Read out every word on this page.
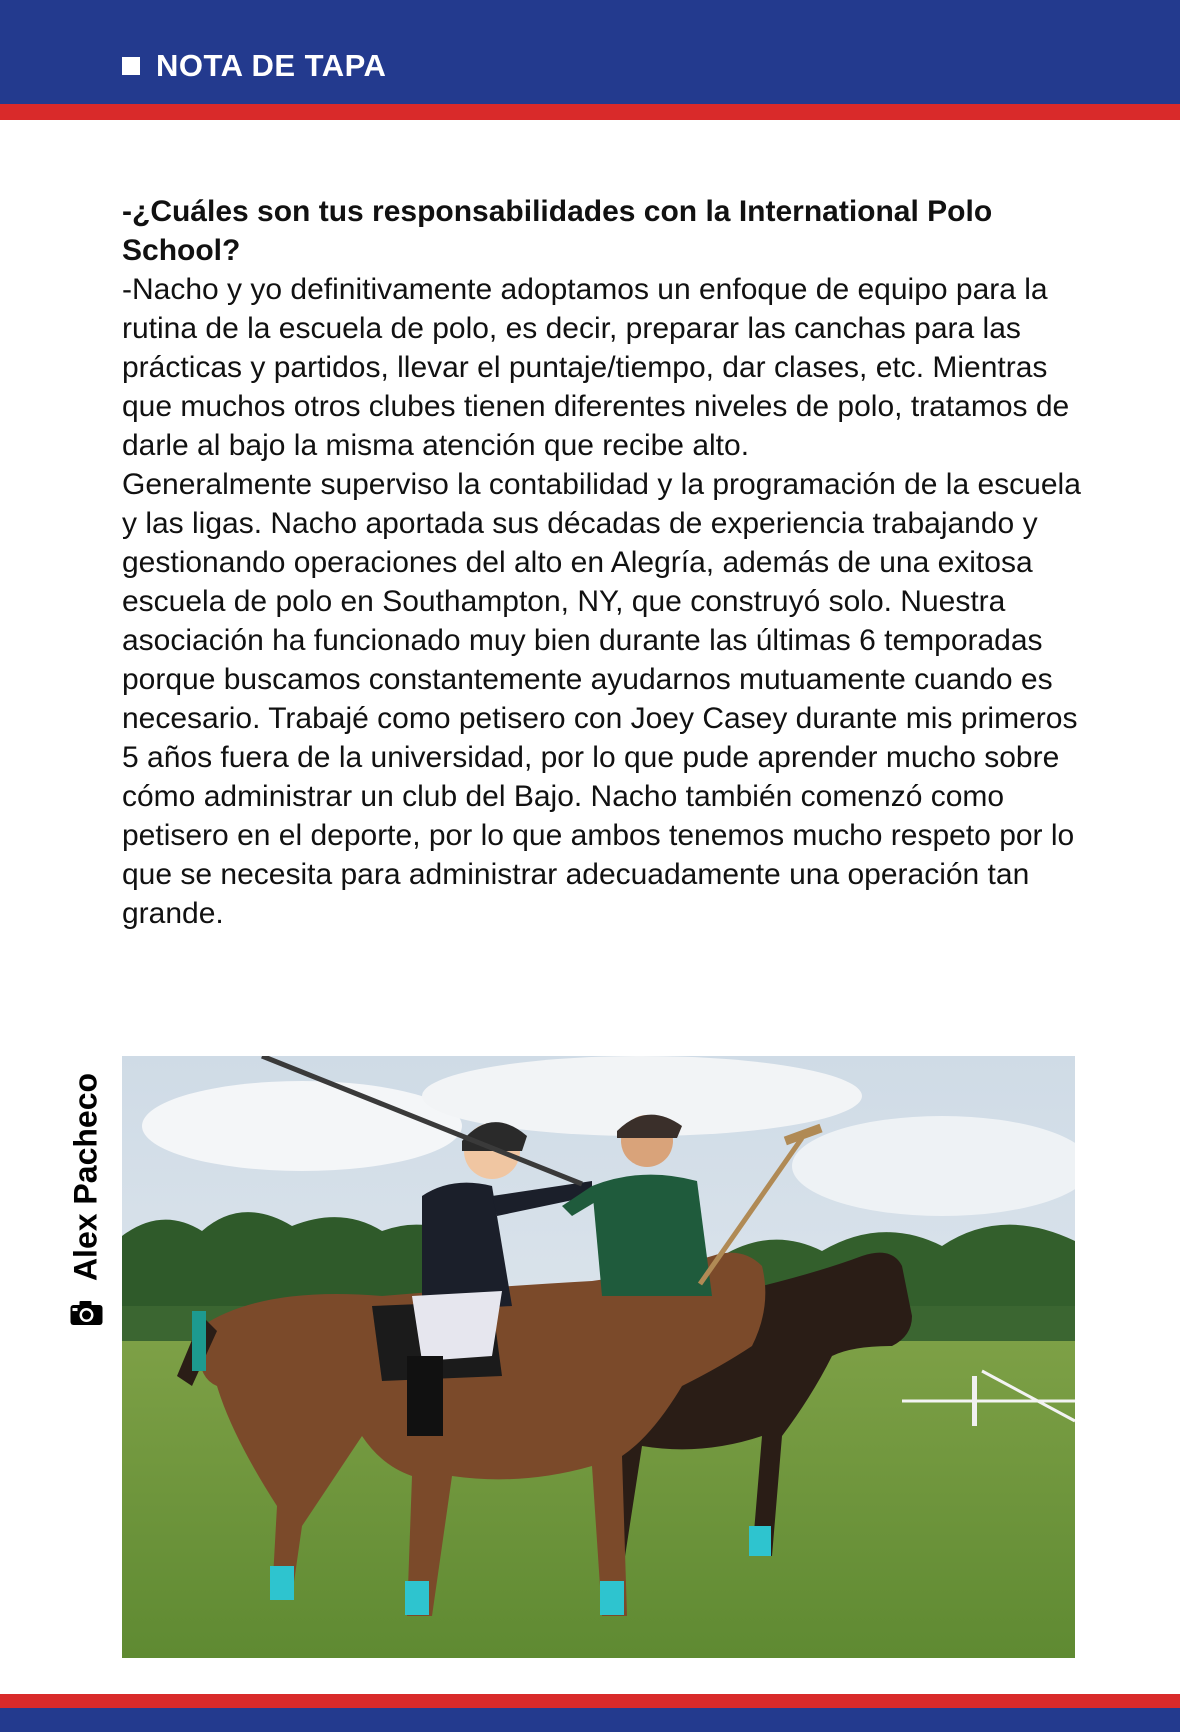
NOTA DE TAPA

-¿Cuáles son tus responsabilidades con la International Polo School?

-Nacho y yo definitivamente adoptamos un enfoque de equipo para la rutina de la escuela de polo, es decir, preparar las canchas para las prácticas y partidos, llevar el puntaje/tiempo, dar clases, etc. Mientras que muchos otros clubes tienen diferentes niveles de polo, tratamos de darle al bajo la misma atención que recibe alto.

Generalmente superviso la contabilidad y la programación de la escuela y las ligas. Nacho aportada sus décadas de experiencia trabajando y gestionando operaciones del alto en Alegría, además de una exitosa escuela de polo en Southampton, NY, que construyó solo. Nuestra asociación ha funcionado muy bien durante las últimas 6 temporadas porque buscamos constantemente ayudarnos mutuamente cuando es necesario. Trabajé como petisero con Joey Casey durante mis primeros 5 años fuera de la universidad, por lo que pude aprender mucho sobre cómo administrar un club del Bajo. Nacho también comenzó como petisero en el deporte, por lo que ambos tenemos mucho respeto por lo que se necesita para administrar adecuadamente una operación tan grande.

Alex Pacheco
